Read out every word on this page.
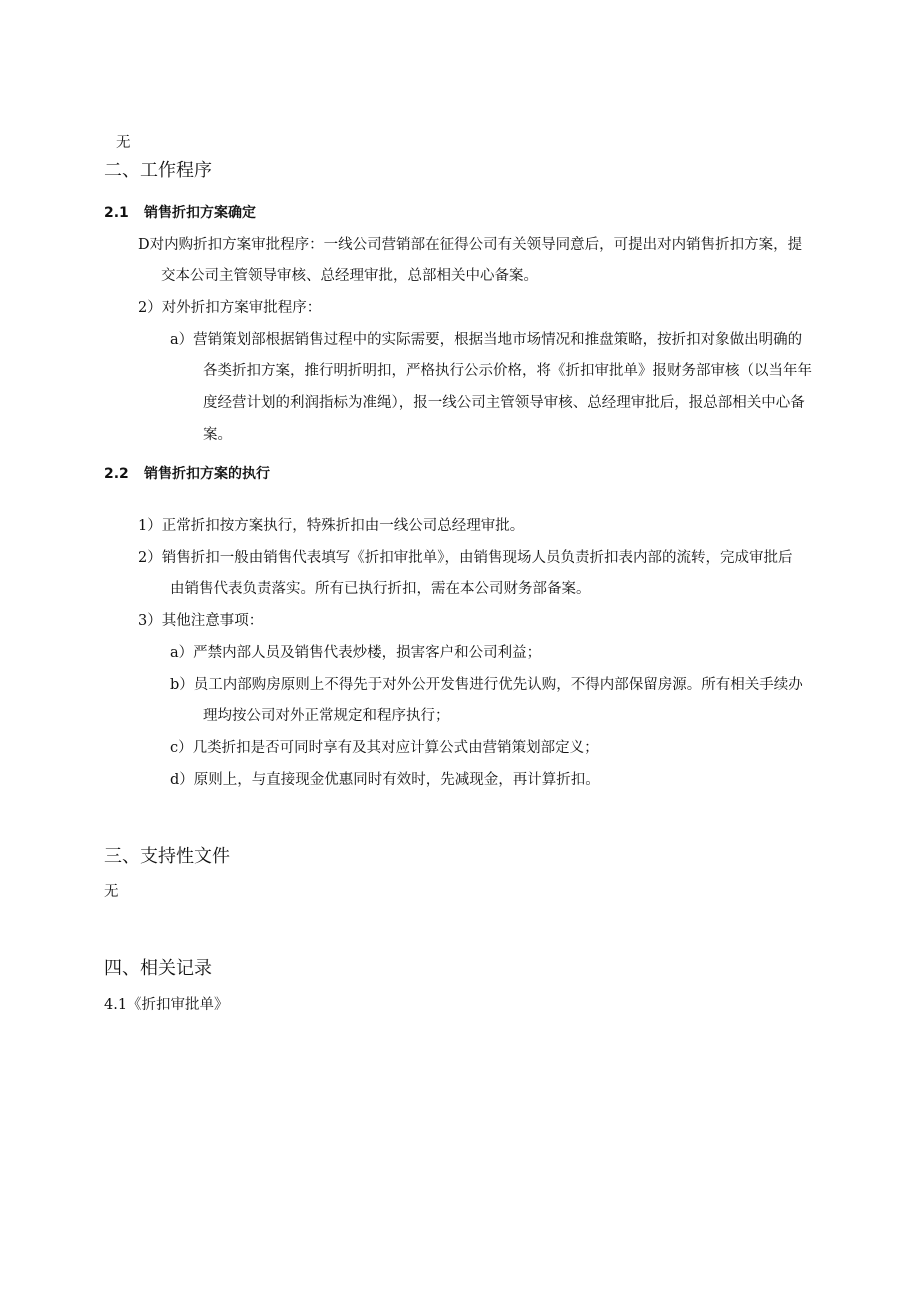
无
二、工作程序
2.1 销售折扣方案确定
D对内购折扣方案审批程序：一线公司营销部在征得公司有关领导同意后，可提出对内销售折扣方案，提
交本公司主管领导审核、总经理审批，总部相关中心备案。
2）对外折扣方案审批程序：
a）营销策划部根据销售过程中的实际需要，根据当地市场情况和推盘策略，按折扣对象做出明确的
各类折扣方案，推行明折明扣，严格执行公示价格，将《折扣审批单》报财务部审核（以当年年
度经营计划的利润指标为准绳），报一线公司主管领导审核、总经理审批后，报总部相关中心备
案。
2.2 销售折扣方案的执行
1）正常折扣按方案执行，特殊折扣由一线公司总经理审批。
2）销售折扣一般由销售代表填写《折扣审批单》，由销售现场人员负责折扣表内部的流转，完成审批后
由销售代表负责落实。所有已执行折扣，需在本公司财务部备案。
3）其他注意事项：
a）严禁内部人员及销售代表炒楼，损害客户和公司利益；
b）员工内部购房原则上不得先于对外公开发售进行优先认购，不得内部保留房源。所有相关手续办
理均按公司对外正常规定和程序执行；
c）几类折扣是否可同时享有及其对应计算公式由营销策划部定义；
d）原则上，与直接现金优惠同时有效时，先减现金，再计算折扣。
三、支持性文件
无
四、相关记录
4.1《折扣审批单》
